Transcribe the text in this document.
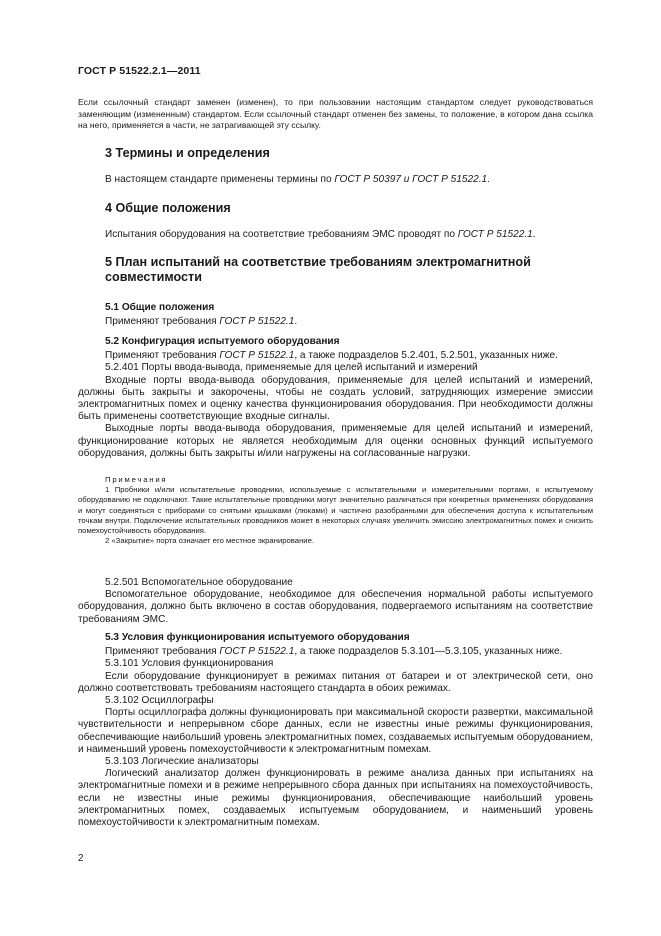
ГОСТ Р 51522.2.1—2011

Если ссылочный стандарт заменен (изменен), то при пользовании настоящим стандартом следует руководствоваться заменяющим (измененным) стандартом. Если ссылочный стандарт отменен без замены, то положение, в котором дана ссылка на него, применяется в части, не затрагивающей эту ссылку.

3 Термины и определения

В настоящем стандарте применены термины по ГОСТ Р 50397 и ГОСТ Р 51522.1.

4 Общие положения

Испытания оборудования на соответствие требованиям ЭМС проводят по ГОСТ Р 51522.1.

5 План испытаний на соответствие требованиям электромагнитной

совместимости

5.1 Общие положения

Применяют требования ГОСТ Р 51522.1.

5.2 Конфигурация испытуемого оборудования

Применяют требования ГОСТ Р 51522.1, а также подразделов 5.2.401, 5.2.501, указанных ниже.

5.2.401 Порты ввода-вывода, применяемые для целей испытаний и измерений

Входные порты ввода-вывода оборудования, применяемые для целей испытаний и измерений, должны быть закрыты и закорочены, чтобы не создать условий, затрудняющих измерение эмиссии электромагнитных помех и оценку качества функционирования оборудования. При необходимости должны быть применены соответствующие входные сигналы.

Выходные порты ввода-вывода оборудования, применяемые для целей испытаний и измерений, функционирование которых не является необходимым для оценки основных функций испытуемого оборудования, должны быть закрыты и/или нагружены на согласованные нагрузки.

Примечания

1 Пробники и/или испытательные проводники, используемые с испытательными и измерительными портами, к испытуемому оборудованию не подключают. Такие испытательные проводники могут значительно различаться при конкретных применениях оборудования и могут соединяться с приборами со снятыми крышками (люками) и частично разобранными для обеспечения доступа к испытательным точкам внутри. Подключение испытательных проводников может в некоторых случаях увеличить эмиссию электромагнитных помех и снизить помехоустойчивость оборудования.

2 «Закрытие» порта означает его местное экранирование.

5.2.501 Вспомогательное оборудование

Вспомогательное оборудование, необходимое для обеспечения нормальной работы испытуемого оборудования, должно быть включено в состав оборудования, подвергаемого испытаниям на соответствие требованиям ЭМС.

5.3 Условия функционирования испытуемого оборудования

Применяют требования ГОСТ Р 51522.1, а также подразделов 5.3.101—5.3.105, указанных ниже.

5.3.101 Условия функционирования

Если оборудование функционирует в режимах питания от батареи и от электрической сети, оно должно соответствовать требованиям настоящего стандарта в обоих режимах.

5.3.102 Осциллографы

Порты осциллографа должны функционировать при максимальной скорости развертки, максимальной чувствительности и непрерывном сборе данных, если не известны иные режимы функционирования, обеспечивающие наибольший уровень электромагнитных помех, создаваемых испытуемым оборудованием, и наименьший уровень помехоустойчивости к электромагнитным помехам.

5.3.103 Логические анализаторы

Логический анализатор должен функционировать в режиме анализа данных при испытаниях на электромагнитные помехи и в режиме непрерывного сбора данных при испытаниях на помехоустойчивость, если не известны иные режимы функционирования, обеспечивающие наибольший уровень электромагнитных помех, создаваемых испытуемым оборудованием, и наименьший уровень помехоустойчивости к электромагнитным помехам.

2
